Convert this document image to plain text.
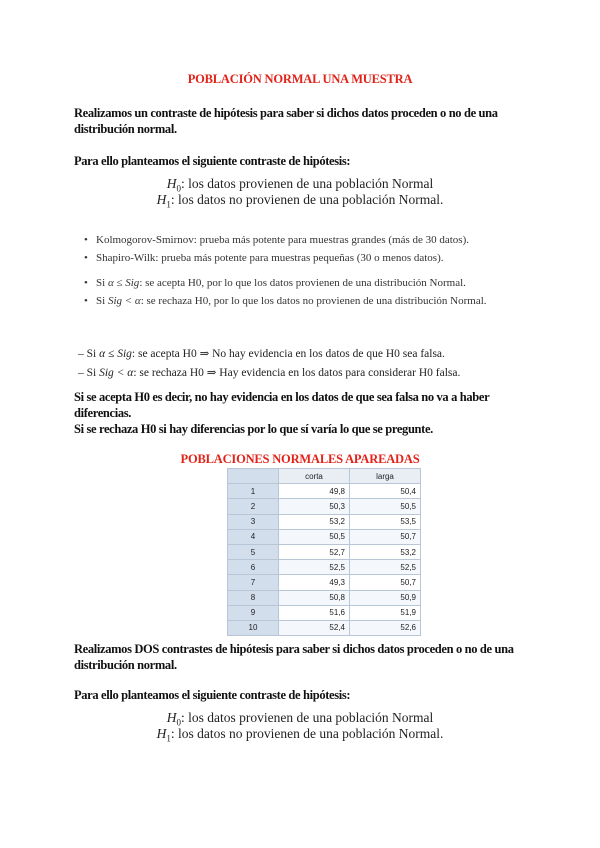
POBLACIÓN NORMAL UNA MUESTRA
Realizamos un contraste de hipótesis para saber si dichos datos proceden o no de una distribución normal.
Para ello planteamos el siguiente contraste de hipótesis:
$H_0$: los datos provienen de una población Normal
$H_1$: los datos no provienen de una población Normal.
• Kolmogorov-Smirnov: prueba más potente para muestras grandes (más de 30 datos).
• Shapiro-Wilk: prueba más potente para muestras pequeñas (30 o menos datos).
• Si α ≤ Sig: se acepta H0, por lo que los datos provienen de una distribución Normal.
• Si Sig < α: se rechaza H0, por lo que los datos no provienen de una distribución Normal.
– Si α ≤ Sig: se acepta H0 ⇒ No hay evidencia en los datos de que H0 sea falsa.
– Si Sig < α: se rechaza H0 ⇒ Hay evidencia en los datos para considerar H0 falsa.
Si se acepta H0 es decir, no hay evidencia en los datos de que sea falsa no va a haber diferencias.
Si se rechaza H0 si hay diferencias por lo que sí varía lo que se pregunte.
POBLACIONES NORMALES APAREADAS
	corta	larga
1	49,8	50,4
2	50,3	50,5
3	53,2	53,5
4	50,5	50,7
5	52,7	53,2
6	52,5	52,5
7	49,3	50,7
8	50,8	50,9
9	51,6	51,9
10	52,4	52,6
Realizamos DOS contrastes de hipótesis para saber si dichos datos proceden o no de una distribución normal.
Para ello planteamos el siguiente contraste de hipótesis:
$H_0$: los datos provienen de una población Normal
$H_1$: los datos no provienen de una población Normal.
